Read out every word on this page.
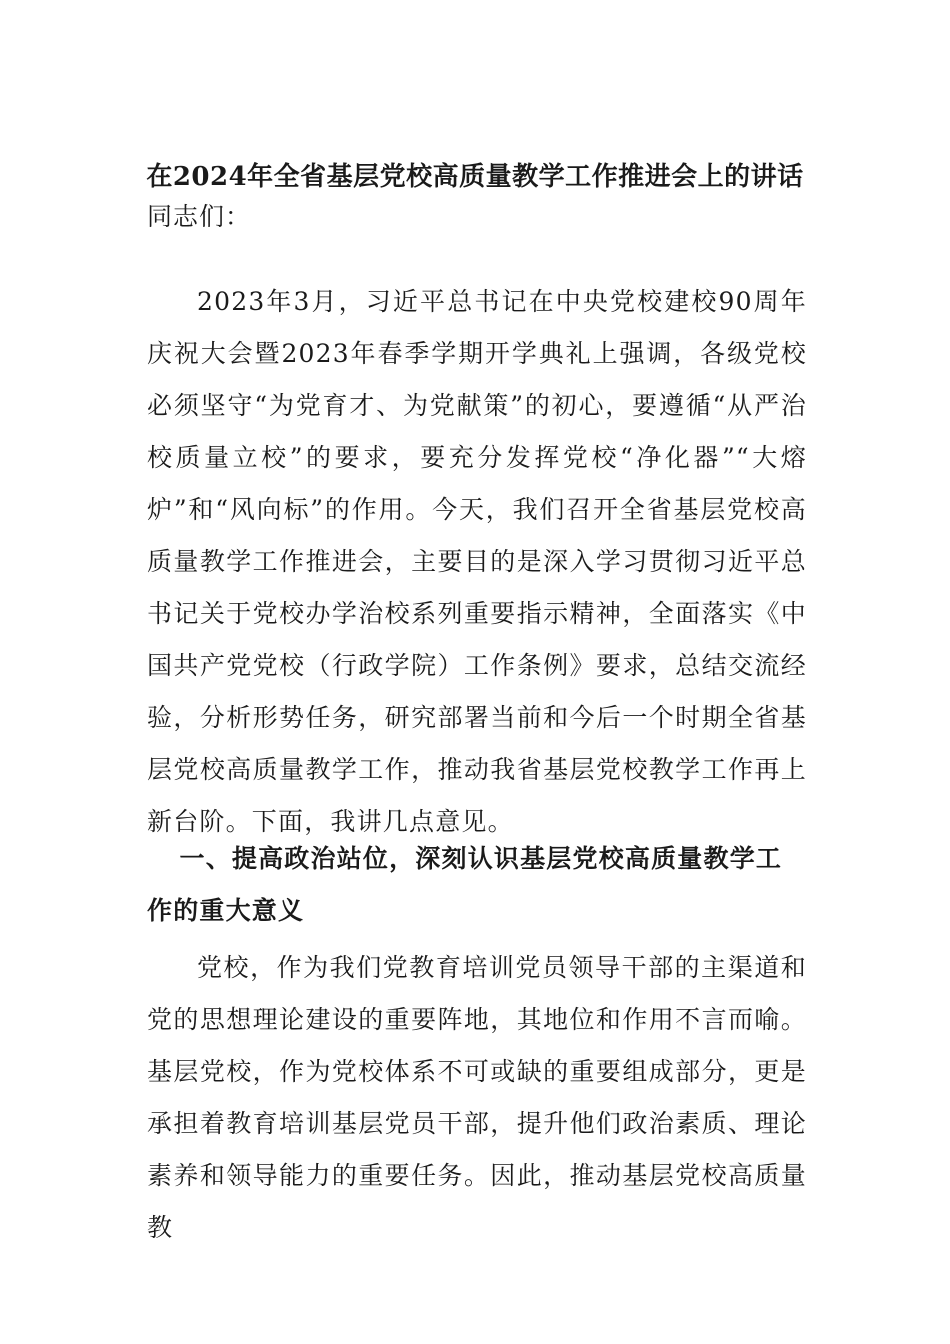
在2024年全省基层党校高质量教学工作推进会上的讲话
同志们：

2023年3月，习近平总书记在中央党校建校90周年庆祝大会暨2023年春季学期开学典礼上强调，各级党校必须坚守“为党育才、为党献策”的初心，要遵循“从严治校质量立校”的要求，要充分发挥党校“净化器”“大熔炉”和“风向标”的作用。今天，我们召开全省基层党校高质量教学工作推进会，主要目的是深入学习贯彻习近平总书记关于党校办学治校系列重要指示精神，全面落实《中国共产党党校（行政学院）工作条例》要求，总结交流经验，分析形势任务，研究部署当前和今后一个时期全省基层党校高质量教学工作，推动我省基层党校教学工作再上新台阶。下面，我讲几点意见。

一、提高政治站位，深刻认识基层党校高质量教学工作的重大意义

党校，作为我们党教育培训党员领导干部的主渠道和党的思想理论建设的重要阵地，其地位和作用不言而喻。基层党校，作为党校体系不可或缺的重要组成部分，更是承担着教育培训基层党员干部，提升他们政治素质、理论素养和领导能力的重要任务。因此，推动基层党校高质量教
